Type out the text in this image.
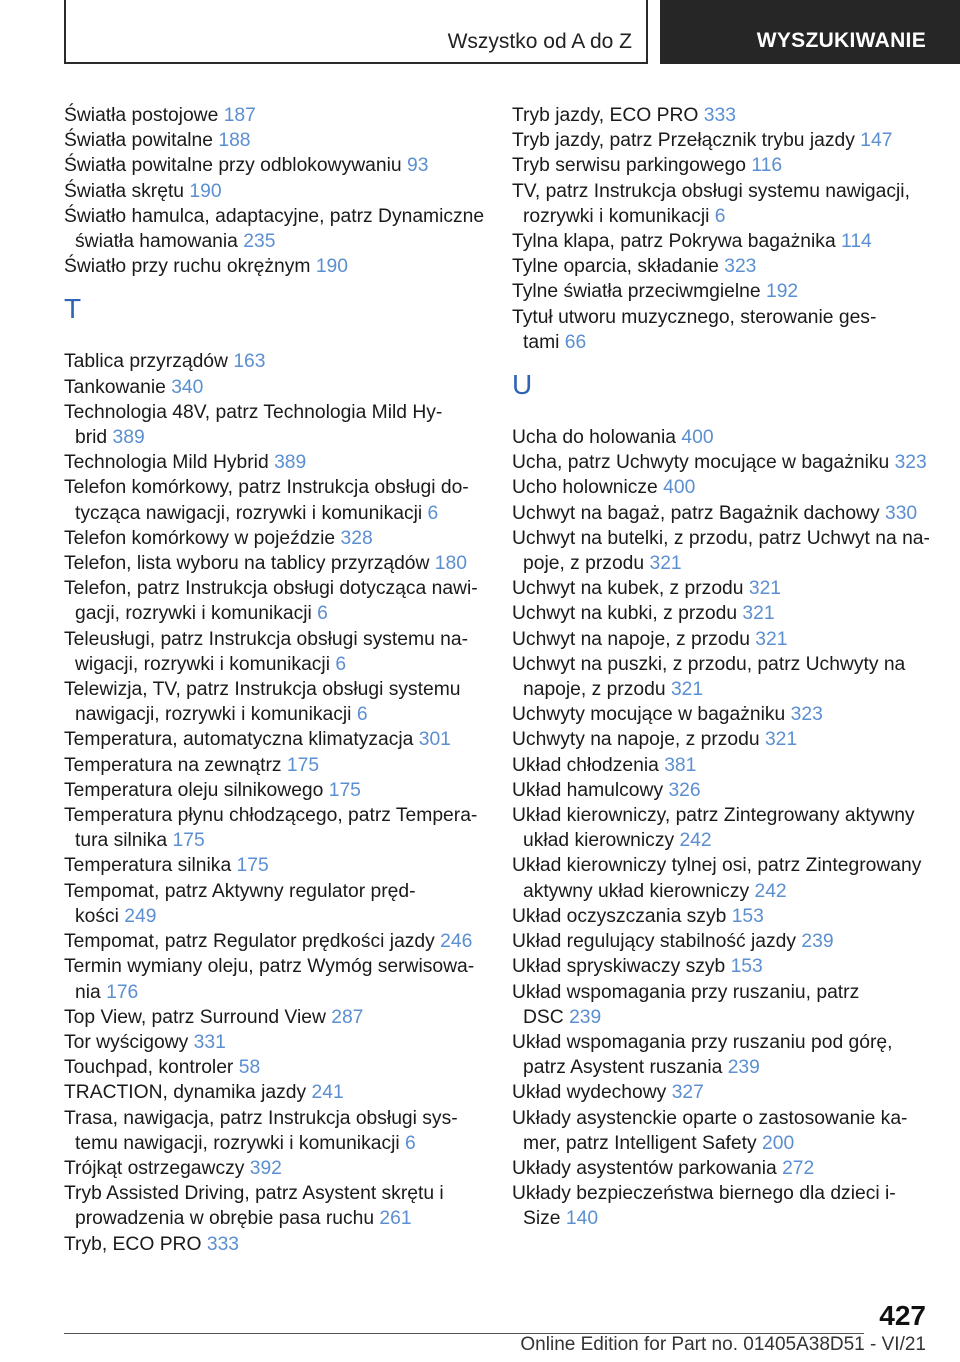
Wszystko od A do Z	WYSZUKIWANIE
Światła postojowe 187
Światła powitalne 188
Światła powitalne przy odblokowywaniu 93
Światła skrętu 190
Światło hamulca, adaptacyjne, patrz Dynamiczne
światła hamowania 235
Światło przy ruchu okrężnym 190
T
Tablica przyrządów 163
Tankowanie 340
Technologia 48V, patrz Technologia Mild Hy‐
brid 389
Technologia Mild Hybrid 389
Telefon komórkowy, patrz Instrukcja obsługi do‐
tycząca nawigacji, rozrywki i komunikacji 6
Telefon komórkowy w pojeździe 328
Telefon, lista wyboru na tablicy przyrządów 180
Telefon, patrz Instrukcja obsługi dotycząca nawi‐
gacji, rozrywki i komunikacji 6
Teleusługi, patrz Instrukcja obsługi systemu na‐
wigacji, rozrywki i komunikacji 6
Telewizja, TV, patrz Instrukcja obsługi systemu
nawigacji, rozrywki i komunikacji 6
Temperatura, automatyczna klimatyzacja 301
Temperatura na zewnątrz 175
Temperatura oleju silnikowego 175
Temperatura płynu chłodzącego, patrz Tempera‐
tura silnika 175
Temperatura silnika 175
Tempomat, patrz Aktywny regulator pręd‐
kości 249
Tempomat, patrz Regulator prędkości jazdy 246
Termin wymiany oleju, patrz Wymóg serwisowa‐
nia 176
Top View, patrz Surround View 287
Tor wyścigowy 331
Touchpad, kontroler 58
TRACTION, dynamika jazdy 241
Trasa, nawigacja, patrz Instrukcja obsługi sys‐
temu nawigacji, rozrywki i komunikacji 6
Trójkąt ostrzegawczy 392
Tryb Assisted Driving, patrz Asystent skrętu i
prowadzenia w obrębie pasa ruchu 261
Tryb, ECO PRO 333
Tryb jazdy, ECO PRO 333
Tryb jazdy, patrz Przełącznik trybu jazdy 147
Tryb serwisu parkingowego 116
TV, patrz Instrukcja obsługi systemu nawigacji,
rozrywki i komunikacji 6
Tylna klapa, patrz Pokrywa bagażnika 114
Tylne oparcia, składanie 323
Tylne światła przeciwmgielne 192
Tytuł utworu muzycznego, sterowanie ges‐
tami 66
U
Ucha do holowania 400
Ucha, patrz Uchwyty mocujące w bagażniku 323
Ucho holownicze 400
Uchwyt na bagaż, patrz Bagażnik dachowy 330
Uchwyt na butelki, z przodu, patrz Uchwyt na na‐
poje, z przodu 321
Uchwyt na kubek, z przodu 321
Uchwyt na kubki, z przodu 321
Uchwyt na napoje, z przodu 321
Uchwyt na puszki, z przodu, patrz Uchwyty na
napoje, z przodu 321
Uchwyty mocujące w bagażniku 323
Uchwyty na napoje, z przodu 321
Układ chłodzenia 381
Układ hamulcowy 326
Układ kierowniczy, patrz Zintegrowany aktywny
układ kierowniczy 242
Układ kierowniczy tylnej osi, patrz Zintegrowany
aktywny układ kierowniczy 242
Układ oczyszczania szyb 153
Układ regulujący stabilność jazdy 239
Układ spryskiwaczy szyb 153
Układ wspomagania przy ruszaniu, patrz
DSC 239
Układ wspomagania przy ruszaniu pod górę,
patrz Asystent ruszania 239
Układ wydechowy 327
Układy asystenckie oparte o zastosowanie ka‐
mer, patrz Intelligent Safety 200
Układy asystentów parkowania 272
Układy bezpieczeństwa biernego dla dzieci i-
Size 140
427
Online Edition for Part no. 01405A38D51 - VI/21
